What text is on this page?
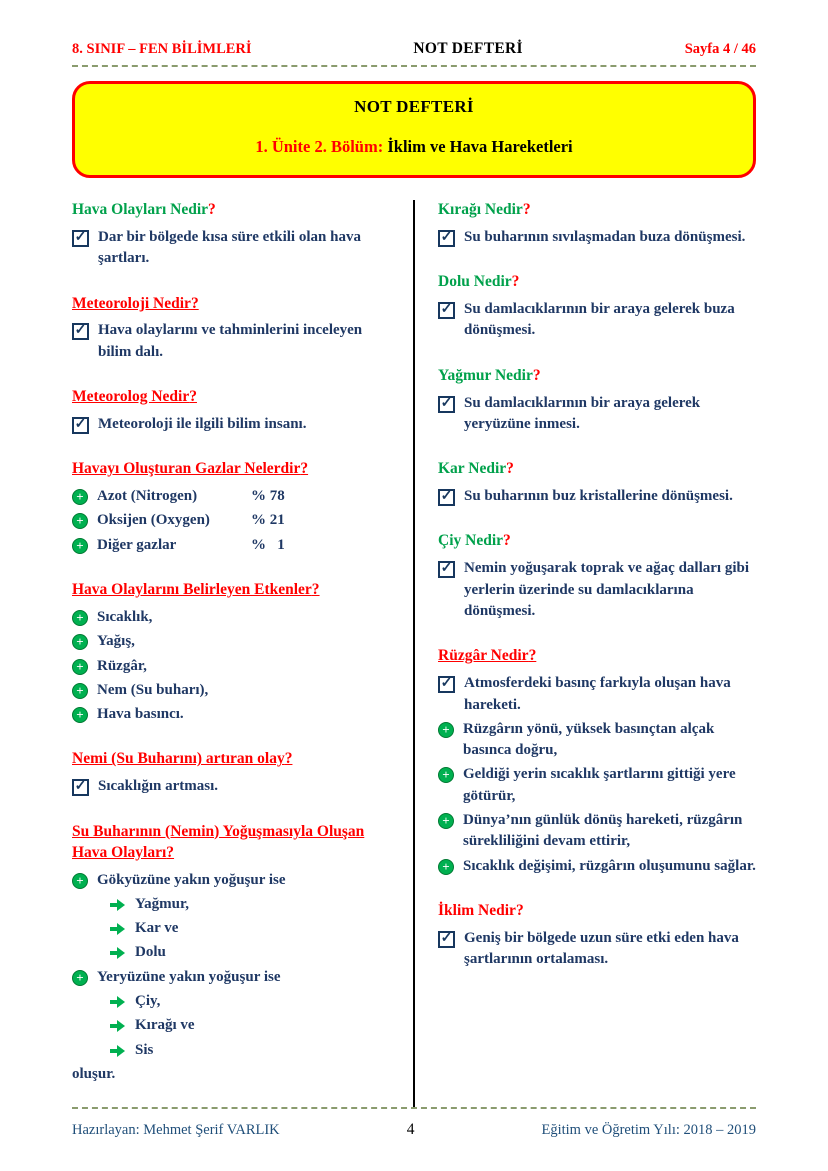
8. SINIF – FEN BİLİMLERİ	NOT DEFTERİ	Sayfa 4 / 46
NOT DEFTERİ
1. Ünite 2. Bölüm: İklim ve Hava Hareketleri
Hava Olayları Nedir?
✓ Dar bir bölgede kısa süre etkili olan hava şartları.
Meteoroloji Nedir?
✓ Hava olaylarını ve tahminlerini inceleyen bilim dalı.
Meteorolog Nedir?
✓ Meteoroloji ile ilgili bilim insanı.
Havayı Oluşturan Gazlar Nelerdir?
+ Azot (Nitrogen)	% 78
+ Oksijen (Oxygen)	% 21
+ Diğer gazlar	%   1
Hava Olaylarını Belirleyen Etkenler?
+ Sıcaklık,
+ Yağış,
+ Rüzgâr,
+ Nem (Su buharı),
+ Hava basıncı.
Nemi (Su Buharını) artıran olay?
✓ Sıcaklığın artması.
Su Buharının (Nemin) Yoğuşmasıyla Oluşan Hava Olayları?
+ Gökyüzüne yakın yoğuşur ise
Yağmur,
Kar ve
Dolu
+ Yeryüzüne yakın yoğuşur ise
Çiy,
Kırağı ve
Sis
oluşur.
Kırağı Nedir?
✓ Su buharının sıvılaşmadan buza dönüşmesi.
Dolu Nedir?
✓ Su damlacıklarının bir araya gelerek buza dönüşmesi.
Yağmur Nedir?
✓ Su damlacıklarının bir araya gelerek yeryüzüne inmesi.
Kar Nedir?
✓ Su buharının buz kristallerine dönüşmesi.
Çiy Nedir?
✓ Nemin yoğuşarak toprak ve ağaç dalları gibi yerlerin üzerinde su damlacıklarına dönüşmesi.
Rüzgâr Nedir?
✓ Atmosferdeki basınç farkıyla oluşan hava hareketi.
+ Rüzgârın yönü, yüksek basınçtan alçak basınca doğru,
+ Geldiği yerin sıcaklık şartlarını gittiği yere götürür,
+ Dünya’nın günlük dönüş hareketi, rüzgârın sürekliliğini devam ettirir,
+ Sıcaklık değişimi, rüzgârın oluşumunu sağlar.
İklim Nedir?
✓ Geniş bir bölgede uzun süre etki eden hava şartlarının ortalaması.
Hazırlayan: Mehmet Şerif VARLIK	4	Eğitim ve Öğretim Yılı: 2018 – 2019
